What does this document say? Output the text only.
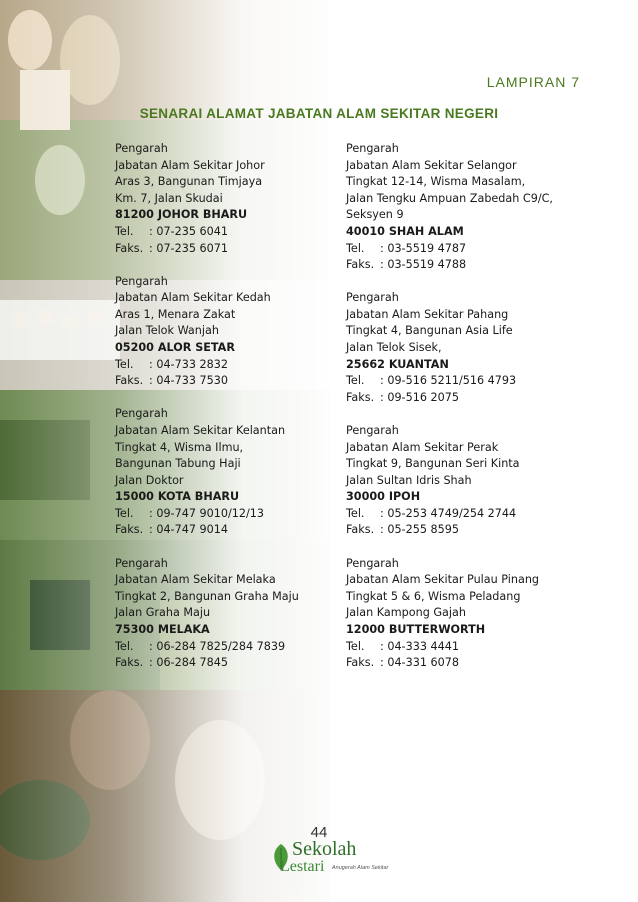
LAMPIRAN 7
SENARAI ALAMAT JABATAN ALAM SEKITAR NEGERI
Pengarah
Jabatan Alam Sekitar Johor
Aras 3, Bangunan Timjaya
Km. 7, Jalan Skudai
81200 JOHOR BHARU
Tel. : 07-235 6041
Faks. : 07-235 6071
Pengarah
Jabatan Alam Sekitar Kedah
Aras 1, Menara Zakat
Jalan Telok Wanjah
05200 ALOR SETAR
Tel. : 04-733 2832
Faks. : 04-733 7530
Pengarah
Jabatan Alam Sekitar Kelantan
Tingkat 4, Wisma Ilmu,
Bangunan Tabung Haji
Jalan Doktor
15000 KOTA BHARU
Tel. : 09-747 9010/12/13
Faks. : 04-747 9014
Pengarah
Jabatan Alam Sekitar Melaka
Tingkat 2, Bangunan Graha Maju
Jalan Graha Maju
75300 MELAKA
Tel. : 06-284 7825/284 7839
Faks. : 06-284 7845
Pengarah
Jabatan Alam Sekitar Selangor
Tingkat 12-14, Wisma Masalam,
Jalan Tengku Ampuan Zabedah C9/C,
Seksyen 9
40010 SHAH ALAM
Tel. : 03-5519 4787
Faks. : 03-5519 4788
Pengarah
Jabatan Alam Sekitar Pahang
Tingkat 4, Bangunan Asia Life
Jalan Telok Sisek,
25662 KUANTAN
Tel. : 09-516 5211/516 4793
Faks. : 09-516 2075
Pengarah
Jabatan Alam Sekitar Perak
Tingkat 9, Bangunan Seri Kinta
Jalan Sultan Idris Shah
30000 IPOH
Tel. : 05-253 4749/254 2744
Faks. : 05-255 8595
Pengarah
Jabatan Alam Sekitar Pulau Pinang
Tingkat 5 & 6, Wisma Peladang
Jalan Kampong Gajah
12000 BUTTERWORTH
Tel. : 04-333 4441
Faks. : 04-331 6078
44
Sekolah
Lestari Anugerah Alam Sekitar
